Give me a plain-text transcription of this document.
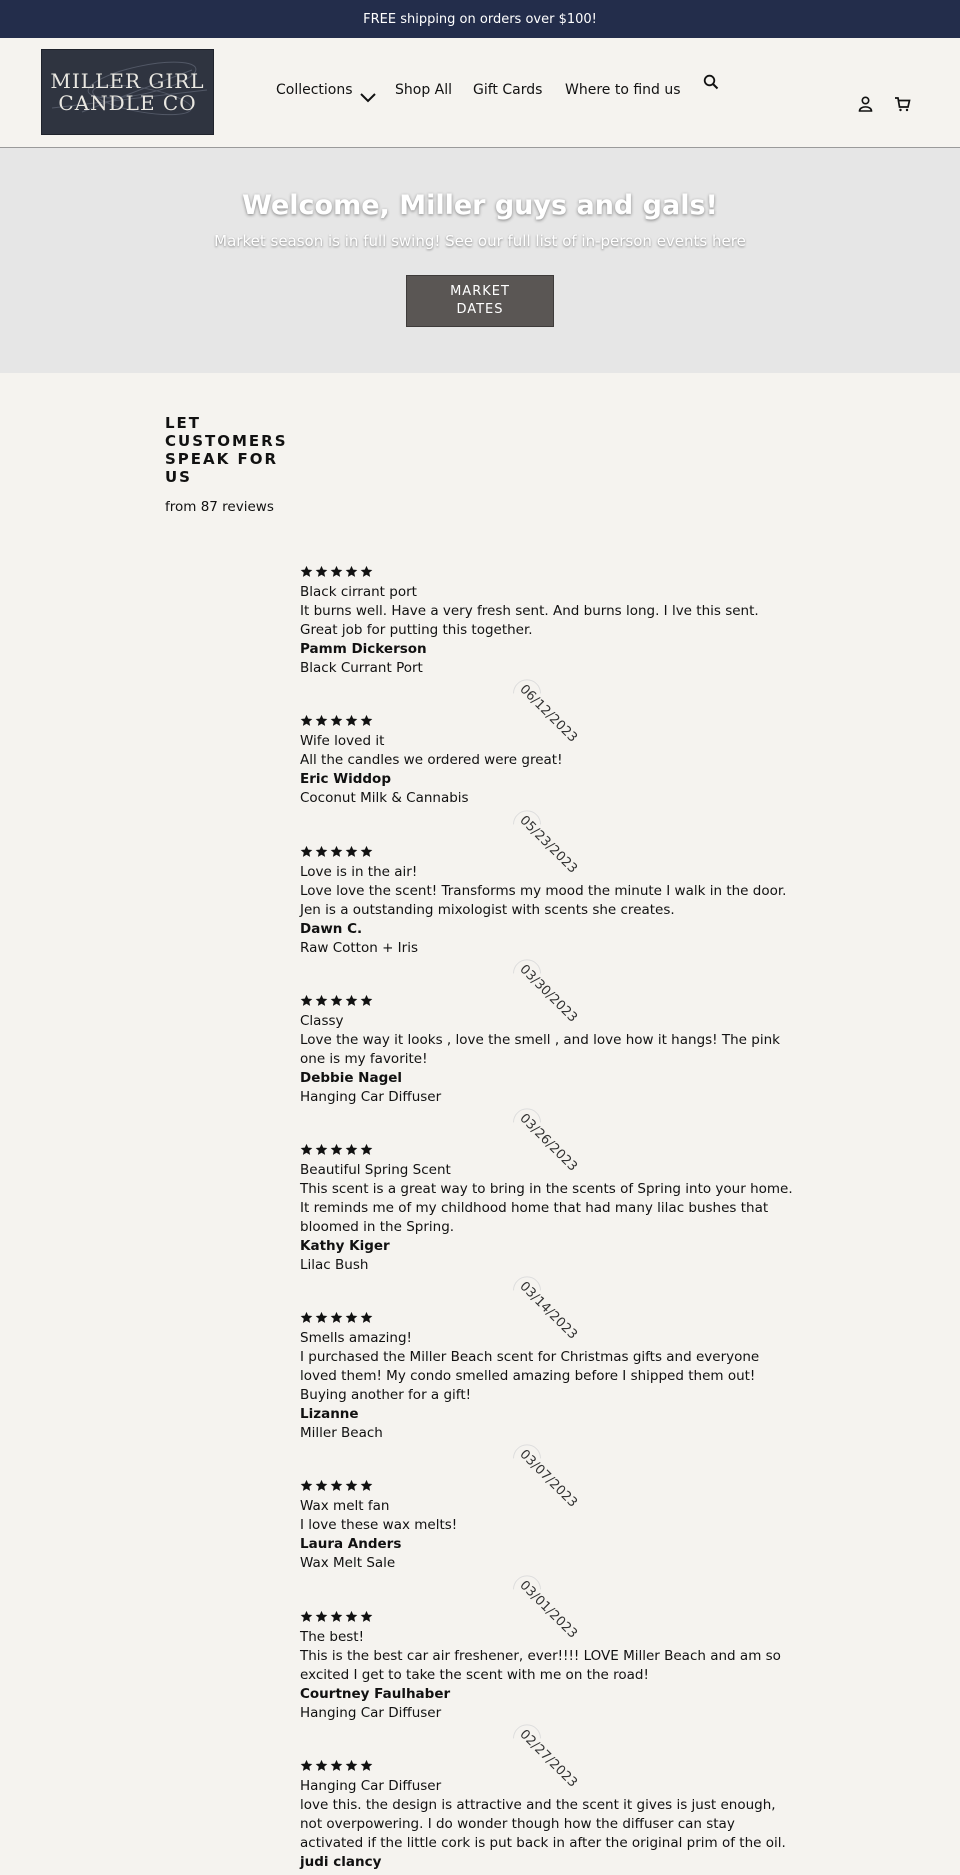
FREE shipping on orders over $100!
MILLER GIRL
CANDLE CO
Collections	Shop All Gift Cards Where to find us
Welcome, Miller guys and gals!
Market season is in full swing! See our full list of in-person events here
MARKET DATES
LET CUSTOMERS SPEAK FOR US
from 87 reviews
Black cirrant port
It burns well. Have a very fresh sent. And burns long. I lve this sent. Great job for putting this together.
Pamm Dickerson
Black Currant Port
Wife loved it
All the candles we ordered were great!
Eric Widdop
Coconut Milk & Cannabis
Love is in the air!
Love love the scent! Transforms my mood the minute I walk in the door. Jen is a outstanding mixologist with scents she creates.
Dawn C.
Raw Cotton + Iris
Classy
Love the way it looks , love the smell , and love how it hangs! The pink one is my favorite!
Debbie Nagel
Hanging Car Diffuser
Beautiful Spring Scent
This scent is a great way to bring in the scents of Spring into your home. It reminds me of my childhood home that had many lilac bushes that bloomed in the Spring.
Kathy Kiger
Lilac Bush
Smells amazing!
I purchased the Miller Beach scent for Christmas gifts and everyone loved them! My condo smelled amazing before I shipped them out! Buying another for a gift!
Lizanne
Miller Beach
Wax melt fan
I love these wax melts!
Laura Anders
Wax Melt Sale
The best!
This is the best car air freshener, ever!!!! LOVE Miller Beach and am so excited I get to take the scent with me on the road!
Courtney Faulhaber
Hanging Car Diffuser
Hanging Car Diffuser
love this. the design is attractive and the scent it gives is just enough, not overpowering. I do wonder though how the diffuser can stay activated if the little cork is put back in after the original prim of the oil.
judi clancy
06/12/2023
05/23/2023
03/30/2023
03/26/2023
03/14/2023
03/07/2023
03/01/2023
02/27/2023
